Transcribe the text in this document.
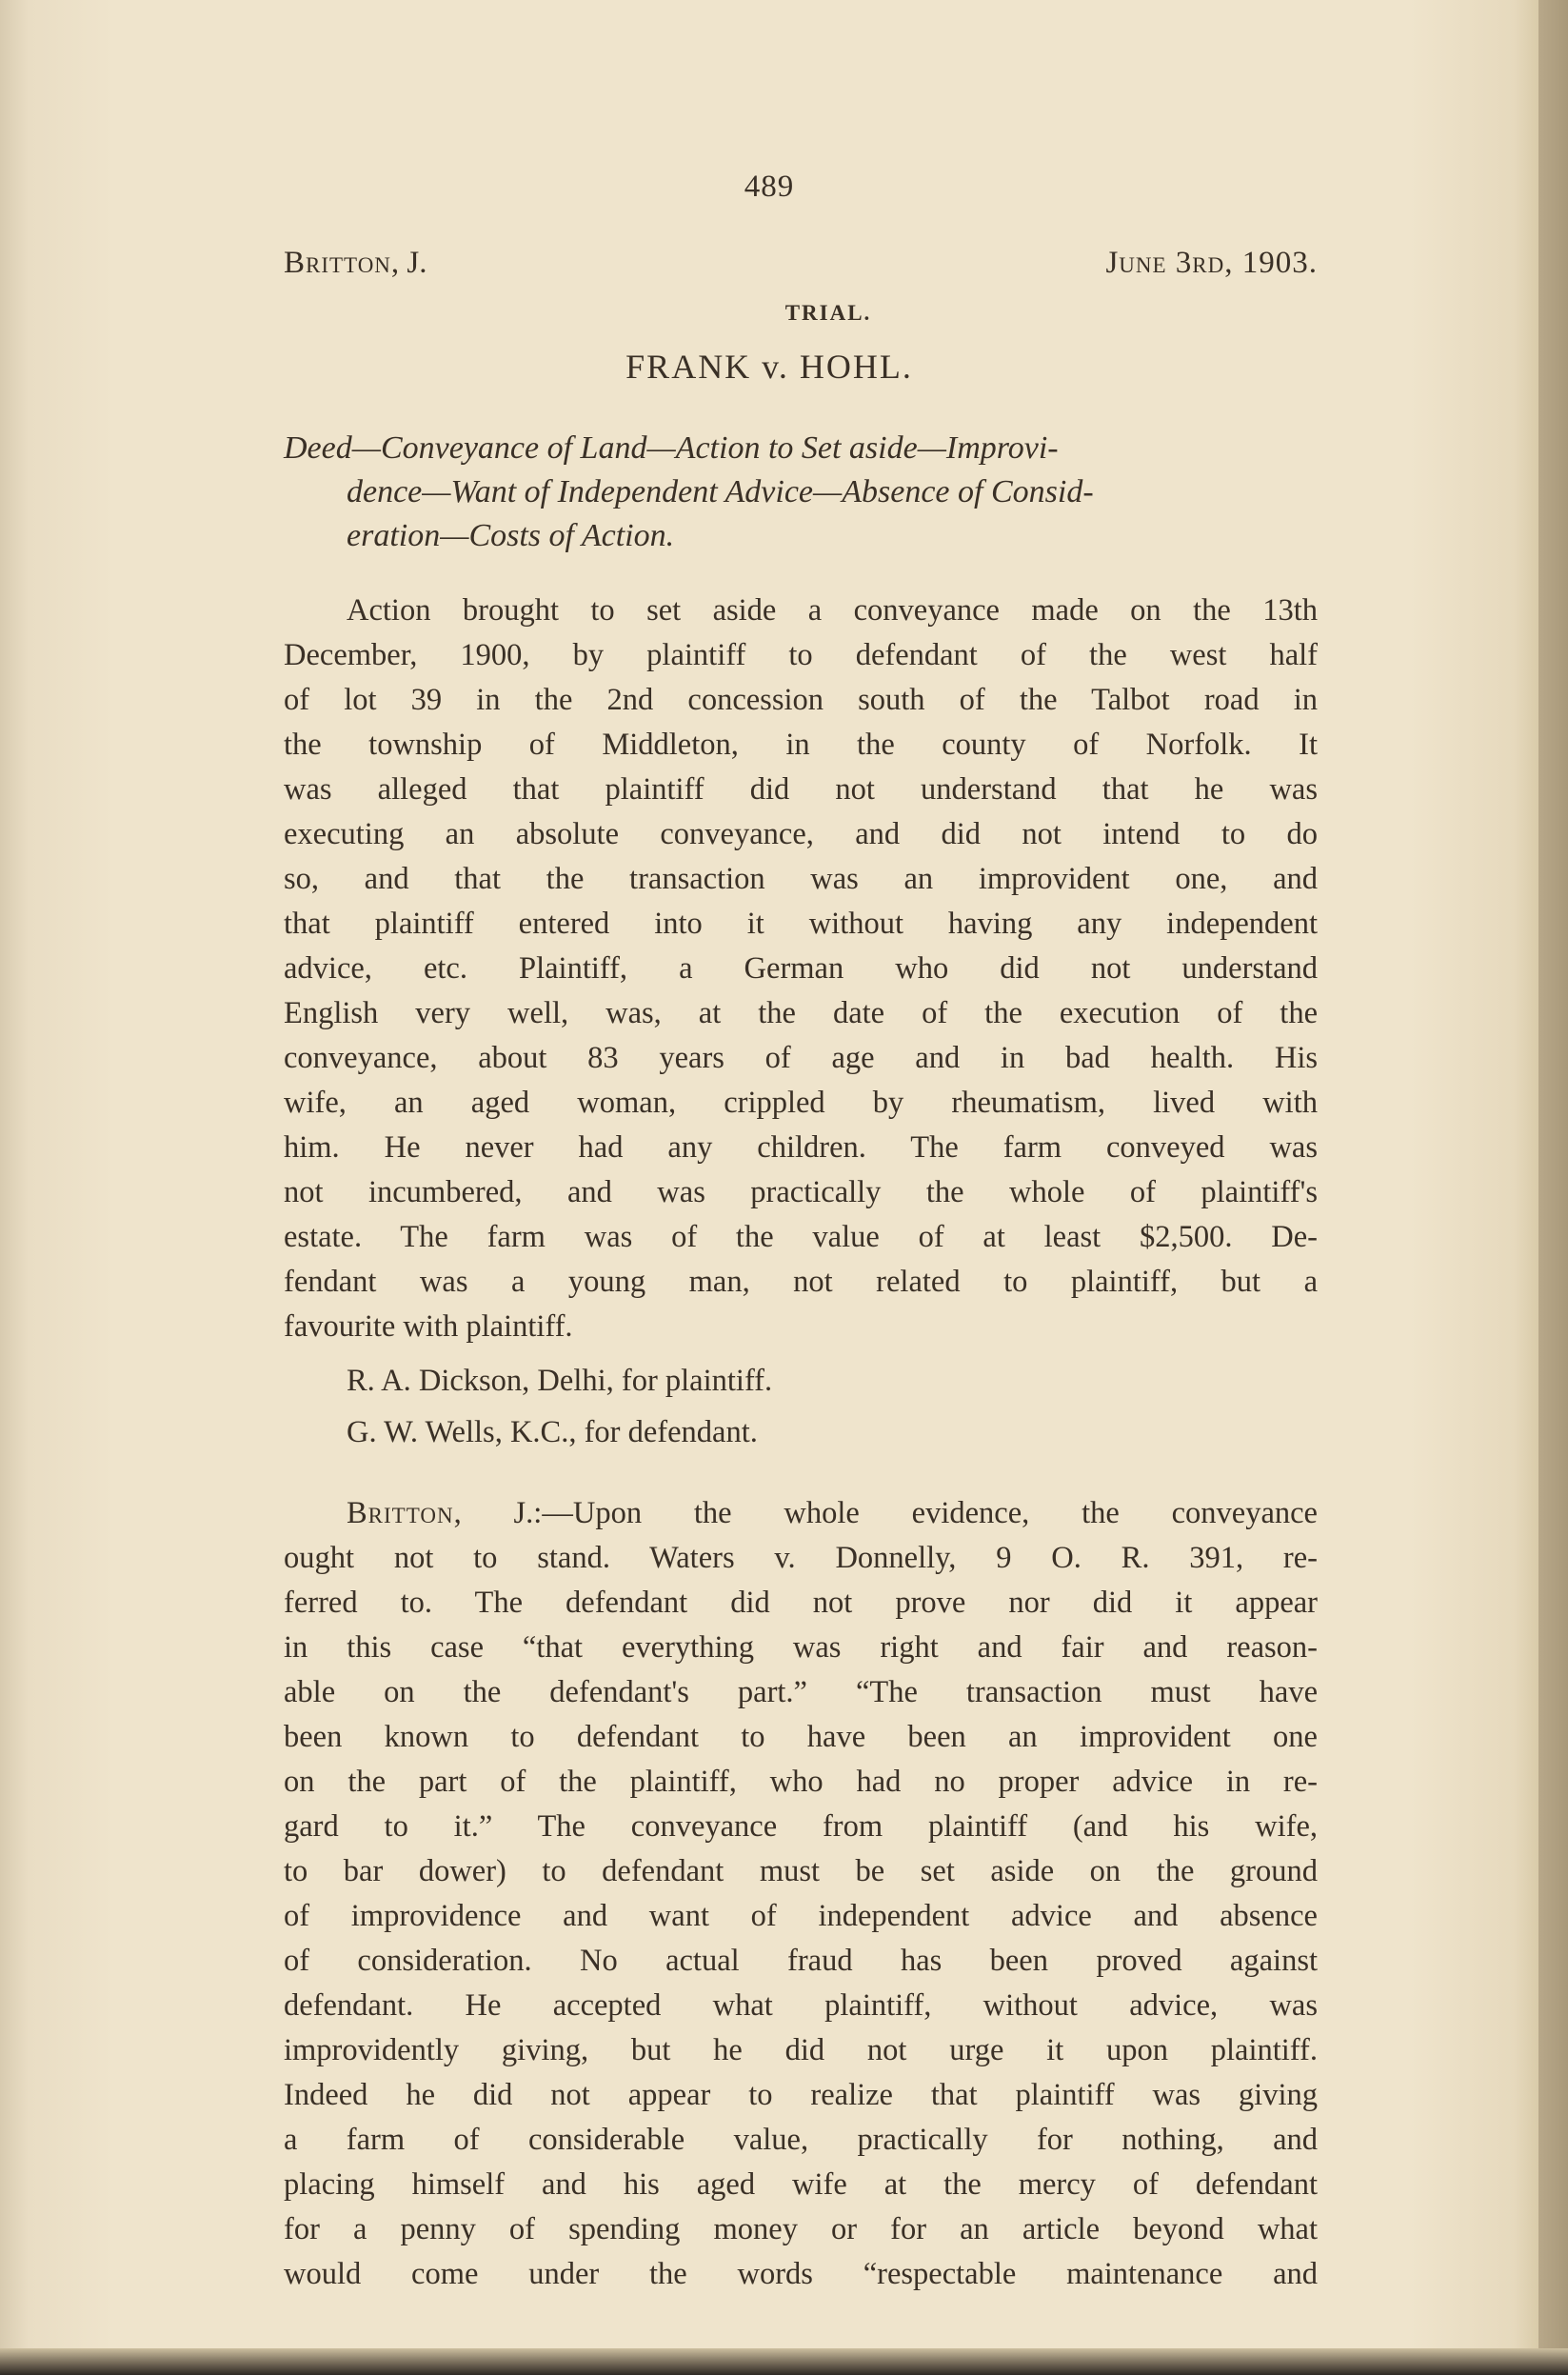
489
Britton, J.	June 3rd, 1903.
TRIAL.
FRANK v. HOHL.
Deed—Conveyance of Land—Action to Set aside—Improvi-
dence—Want of Independent Advice—Absence of Consid-
eration—Costs of Action.
Action brought to set aside a conveyance made on the 13th
December, 1900, by plaintiff to defendant of the west half
of lot 39 in the 2nd concession south of the Talbot road in
the township of Middleton, in the county of Norfolk. It
was alleged that plaintiff did not understand that he was
executing an absolute conveyance, and did not intend to do
so, and that the transaction was an improvident one, and
that plaintiff entered into it without having any independent
advice, etc. Plaintiff, a German who did not understand
English very well, was, at the date of the execution of the
conveyance, about 83 years of age and in bad health. His
wife, an aged woman, crippled by rheumatism, lived with
him. He never had any children. The farm conveyed was
not incumbered, and was practically the whole of plaintiff's
estate. The farm was of the value of at least $2,500. De-
fendant was a young man, not related to plaintiff, but a
favourite with plaintiff.
R. A. Dickson, Delhi, for plaintiff.
G. W. Wells, K.C., for defendant.
Britton, J.:—Upon the whole evidence, the conveyance
ought not to stand. Waters v. Donnelly, 9 O. R. 391, re-
ferred to. The defendant did not prove nor did it appear
in this case “that everything was right and fair and reason-
able on the defendant's part.” “The transaction must have
been known to defendant to have been an improvident one
on the part of the plaintiff, who had no proper advice in re-
gard to it.” The conveyance from plaintiff (and his wife,
to bar dower) to defendant must be set aside on the ground
of improvidence and want of independent advice and absence
of consideration. No actual fraud has been proved against
defendant. He accepted what plaintiff, without advice, was
improvidently giving, but he did not urge it upon plaintiff.
Indeed he did not appear to realize that plaintiff was giving
a farm of considerable value, practically for nothing, and
placing himself and his aged wife at the mercy of defendant
for a penny of spending money or for an article beyond what
would come under the words “respectable maintenance and
